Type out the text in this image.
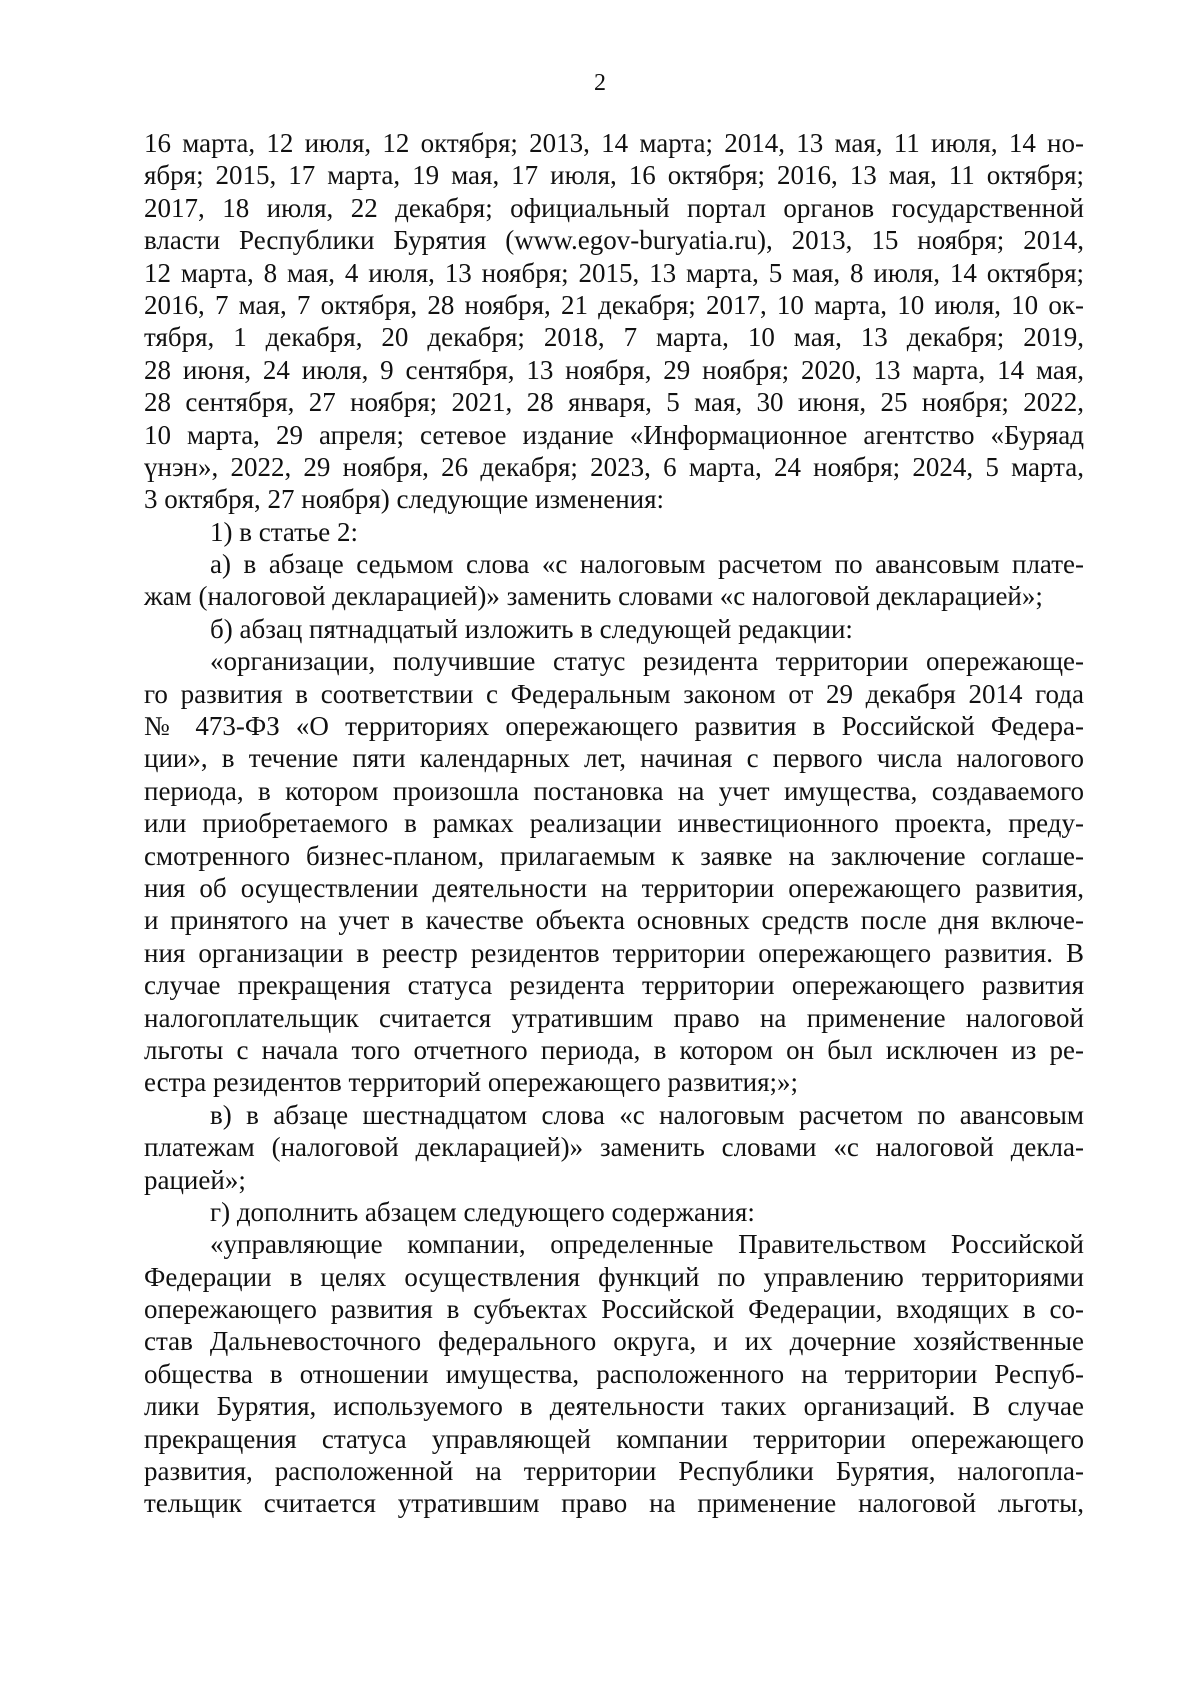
2
16 марта, 12 июля, 12 октября; 2013, 14 марта; 2014, 13 мая, 11 июля, 14 но-
ября; 2015, 17 марта, 19 мая, 17 июля, 16 октября; 2016, 13 мая, 11 октября;
2017, 18 июля, 22 декабря; официальный портал органов государственной
власти Республики Бурятия (www.egov-buryatia.ru), 2013, 15 ноября; 2014,
12 марта, 8 мая, 4 июля, 13 ноября; 2015, 13 марта, 5 мая, 8 июля, 14 октября;
2016, 7 мая, 7 октября, 28 ноября, 21 декабря; 2017, 10 марта, 10 июля, 10 ок-
тября, 1 декабря, 20 декабря; 2018, 7 марта, 10 мая, 13 декабря; 2019,
28 июня, 24 июля, 9 сентября, 13 ноября, 29 ноября; 2020, 13 марта, 14 мая,
28 сентября, 27 ноября; 2021, 28 января, 5 мая, 30 июня, 25 ноября; 2022,
10 марта, 29 апреля; сетевое издание «Информационное агентство «Буряад
үнэн», 2022, 29 ноября, 26 декабря; 2023, 6 марта, 24 ноября; 2024, 5 марта,
3 октября, 27 ноября) следующие изменения:
1) в статье 2:
а) в абзаце седьмом слова «с налоговым расчетом по авансовым плате-
жам (налоговой декларацией)» заменить словами «с налоговой декларацией»;
б) абзац пятнадцатый изложить в следующей редакции:
«организации, получившие статус резидента территории опережающе-
го развития в соответствии с Федеральным законом от 29 декабря 2014 года
№ 473-ФЗ «О территориях опережающего развития в Российской Федера-
ции», в течение пяти календарных лет, начиная с первого числа налогового
периода, в котором произошла постановка на учет имущества, создаваемого
или приобретаемого в рамках реализации инвестиционного проекта, преду-
смотренного бизнес-планом, прилагаемым к заявке на заключение соглаше-
ния об осуществлении деятельности на территории опережающего развития,
и принятого на учет в качестве объекта основных средств после дня включе-
ния организации в реестр резидентов территории опережающего развития. В
случае прекращения статуса резидента территории опережающего развития
налогоплательщик считается утратившим право на применение налоговой
льготы с начала того отчетного периода, в котором он был исключен из ре-
естра резидентов территорий опережающего развития;»;
в) в абзаце шестнадцатом слова «с налоговым расчетом по авансовым
платежам (налоговой декларацией)» заменить словами «с налоговой декла-
рацией»;
г) дополнить абзацем следующего содержания:
«управляющие компании, определенные Правительством Российской
Федерации в целях осуществления функций по управлению территориями
опережающего развития в субъектах Российской Федерации, входящих в со-
став Дальневосточного федерального округа, и их дочерние хозяйственные
общества в отношении имущества, расположенного на территории Респуб-
лики Бурятия, используемого в деятельности таких организаций. В случае
прекращения статуса управляющей компании территории опережающего
развития, расположенной на территории Республики Бурятия, налогопла-
тельщик считается утратившим право на применение налоговой льготы,
